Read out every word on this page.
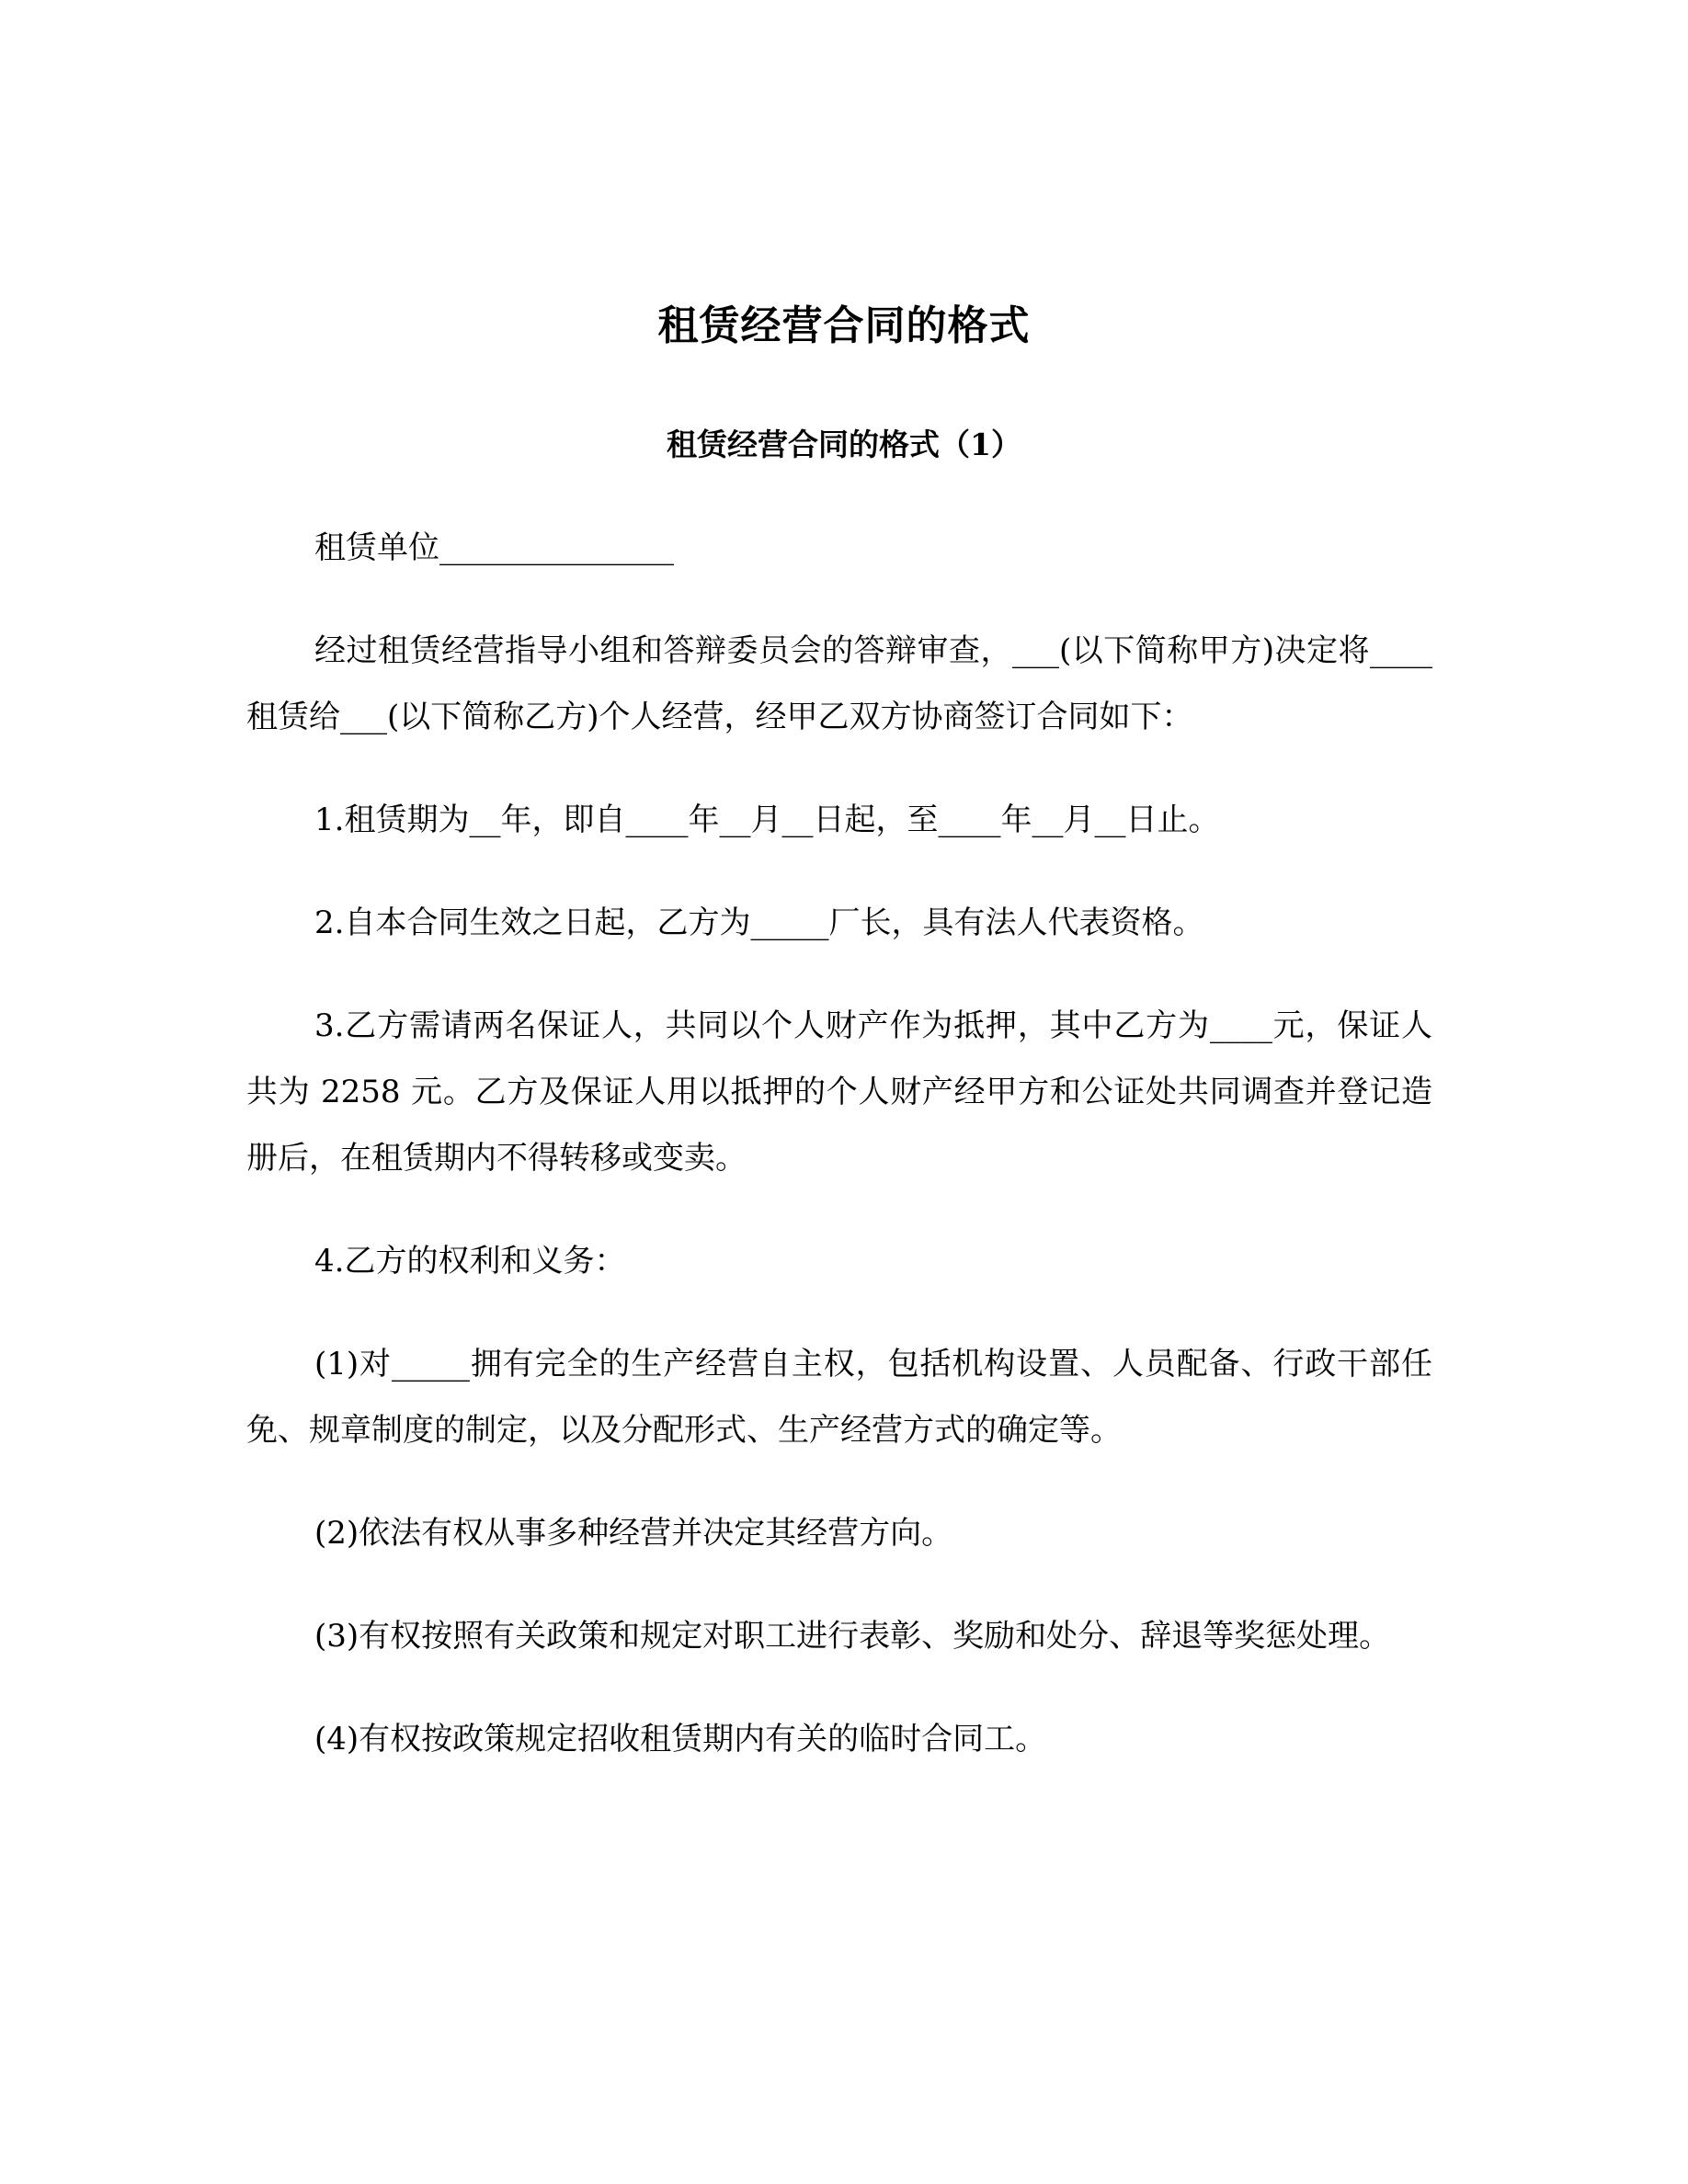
租赁经营合同的格式
租赁经营合同的格式（1）

租赁单位_______________

经过租赁经营指导小组和答辩委员会的答辩审查，___(以下简称甲方)决定将____租赁给___(以下简称乙方)个人经营，经甲乙双方协商签订合同如下：

1.租赁期为__年，即自____年__月__日起，至____年__月__日止。

2.自本合同生效之日起，乙方为_____厂长，具有法人代表资格。

3.乙方需请两名保证人，共同以个人财产作为抵押，其中乙方为____元，保证人共为 2258 元。乙方及保证人用以抵押的个人财产经甲方和公证处共同调查并登记造册后，在租赁期内不得转移或变卖。

4.乙方的权利和义务：

(1)对_____拥有完全的生产经营自主权，包括机构设置、人员配备、行政干部任免、规章制度的制定，以及分配形式、生产经营方式的确定等。

(2)依法有权从事多种经营并决定其经营方向。

(3)有权按照有关政策和规定对职工进行表彰、奖励和处分、辞退等奖惩处理。

(4)有权按政策规定招收租赁期内有关的临时合同工。
